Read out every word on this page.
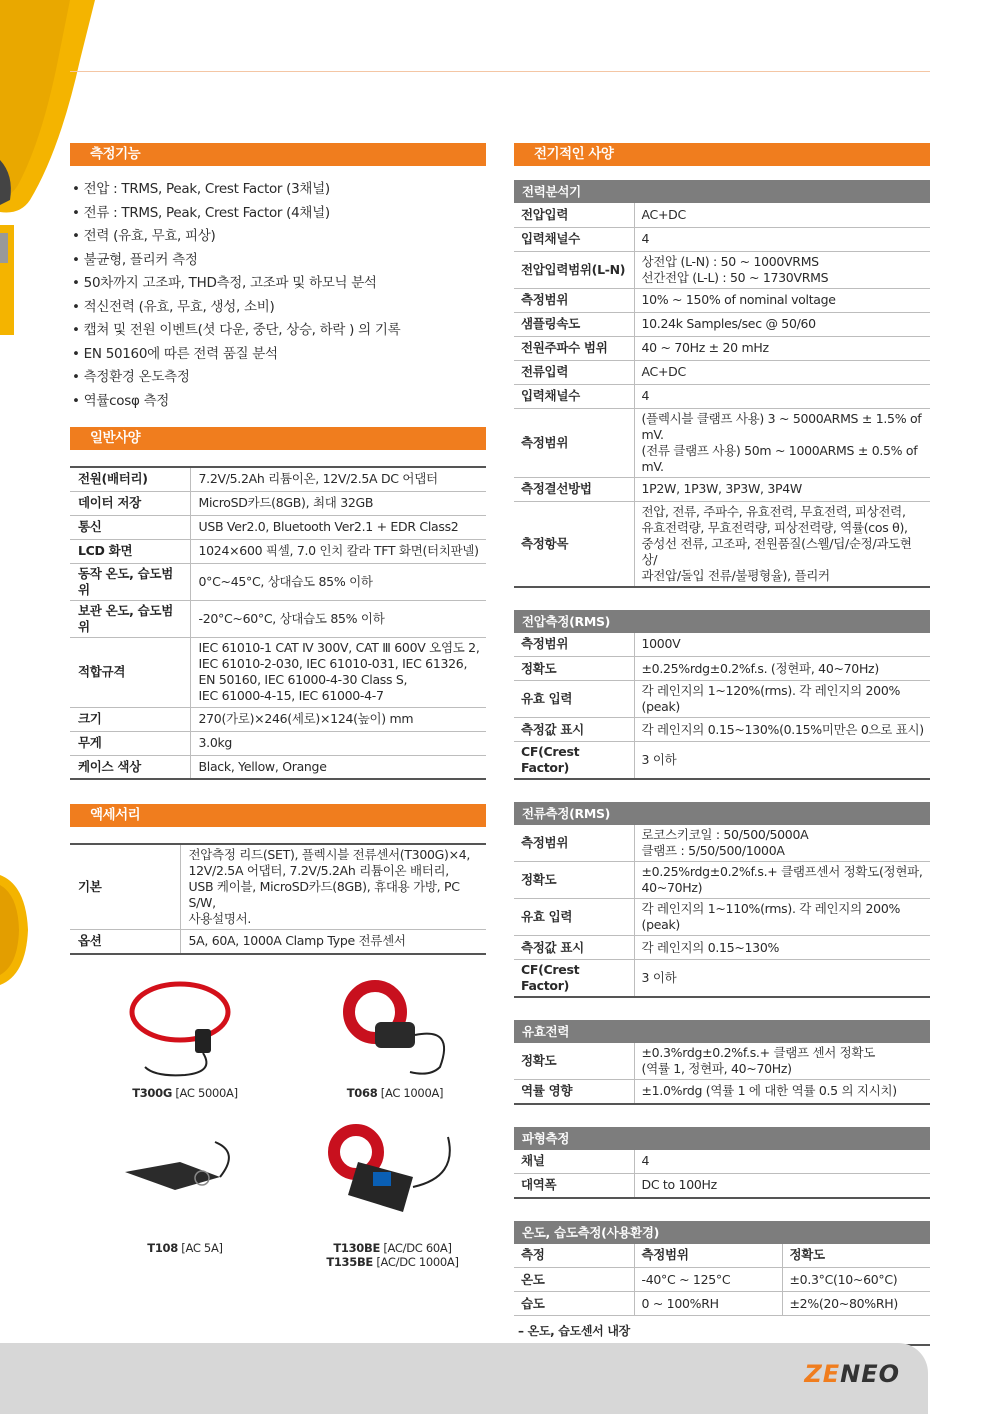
측정기능
• 전압 : TRMS, Peak, Crest Factor (3채널)
• 전류 : TRMS, Peak, Crest Factor (4채널)
• 전력 (유효, 무효, 피상)
• 불균형, 플리커 측정
• 50차까지 고조파, THD측정, 고조파 및 하모닉 분석
• 적신전력 (유효, 무효, 생성, 소비)
• 캡쳐 및 전원 이벤트(셧 다운, 중단, 상승, 하락 ) 의 기록
• EN 50160에 따른 전력 품질 분석
• 측정환경 온도측정
• 역률cosφ 측정
일반사양
전원(배터리)	7.2V/5.2Ah 리튬이온, 12V/2.5A DC 어댑터
데이터 저장	MicroSD카드(8GB), 최대 32GB
통신	USB Ver2.0, Bluetooth Ver2.1 + EDR Class2
LCD 화면	1024×600 픽셀, 7.0 인치 칼라 TFT 화면(터치판넬)
동작 온도, 습도범위	0°C~45°C, 상대습도 85% 이하
보관 온도, 습도범위	-20°C~60°C, 상대습도 85% 이하
적합규격	IEC 61010-1 CAT Ⅳ 300V, CAT Ⅲ 600V 오염도 2,
IEC 61010-2-030, IEC 61010-031, IEC 61326,
EN 50160, IEC 61000-4-30 Class S,
IEC 61000-4-15, IEC 61000-4-7
크기	270(가로)×246(세로)×124(높이) mm
무게	3.0kg
케이스 색상	Black, Yellow, Orange
액세서리
기본	전압측정 리드(SET), 플렉시블 전류센서(T300G)×4,
12V/2.5A 어댑터, 7.2V/5.2Ah 리튬이온 배터리,
USB 케이블, MicroSD카드(8GB), 휴대용 가방, PC S/W,
사용설명서.
옵션	5A, 60A, 1000A Clamp Type 전류센서
T300G [AC 5000A]	T068 [AC 1000A]
T108 [AC 5A]	T130BE [AC/DC 60A]
T135BE [AC/DC 1000A]
전기적인 사양
전력분석기
전압입력	AC+DC
입력채널수	4
전압입력범위(L-N)	상전압 (L-N) : 50 ~ 1000VRMS
선간전압 (L-L) : 50 ~ 1730VRMS
측정범위	10% ~ 150% of nominal voltage
샘플링속도	10.24k Samples/sec @ 50/60
전원주파수 범위	40 ~ 70Hz ± 20 mHz
전류입력	AC+DC
입력채널수	4
측정범위	(플렉시블 클램프 사용) 3 ~ 5000ARMS ± 1.5% of mV.
(전류 클램프 사용) 50m ~ 1000ARMS ± 0.5% of mV.
측정결선방법	1P2W, 1P3W, 3P3W, 3P4W
측정항목	전압, 전류, 주파수, 유효전력, 무효전력, 피상전력,
유효전력량, 무효전력량, 피상전력량, 역률(cos θ),
중성선 전류, 고조파, 전원품질(스웰/딥/순정/과도현상/
과전압/돌입 전류/불평형율), 플리커
전압측정(RMS)
측정범위	1000V
정확도	±0.25%rdg±0.2%f.s. (정현파, 40~70Hz)
유효 입력	각 레인지의 1~120%(rms). 각 레인지의 200%(peak)
측정값 표시	각 레인지의 0.15~130%(0.15%미만은 0으로 표시)
CF(Crest Factor)	3 이하
전류측정(RMS)
측정범위	로코스키코일 : 50/500/5000A
클램프 : 5/50/500/1000A
정확도	±0.25%rdg±0.2%f.s.+ 클램프센서 정확도(정현파,
40~70Hz)
유효 입력	각 레인지의 1~110%(rms). 각 레인지의 200%(peak)
측정값 표시	각 레인지의 0.15~130%
CF(Crest Factor)	3 이하
유효전력
정확도	±0.3%rdg±0.2%f.s.+ 클램프 센서 정확도
(역률 1, 정현파, 40~70Hz)
역률 영향	±1.0%rdg (역률 1 에 대한 역률 0.5 의 지시치)
파형측정
채널	4
대역폭	DC to 100Hz
온도, 습도측정(사용환경)
측정	측정범위	정확도
온도	-40°C ~ 125°C	±0.3°C(10~60°C)
습도	0 ~ 100%RH	±2%(20~80%RH)
– 온도, 습도센서 내장
ZENEO
